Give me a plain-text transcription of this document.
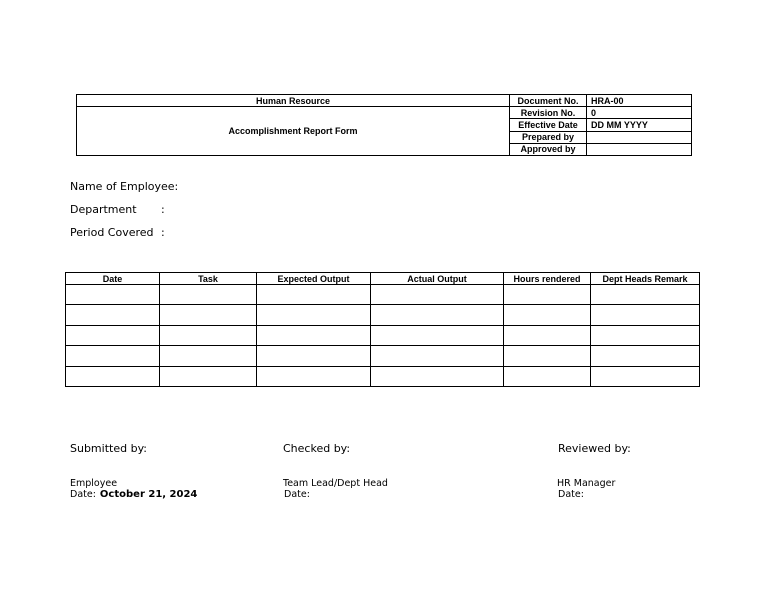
Human Resource	Document No.	HRA-00
Accomplishment Report Form	Revision No.	0
	Effective Date	DD MM YYYY
	Prepared by	
	Approved by	
Name of Employee:
Department :
Period Covered :
Date	Task	Expected Output	Actual Output	Hours rendered	Dept Heads Remark

Submitted by:
Employee
Date: October 21, 2024
Checked by:
Team Lead/Dept Head
Date:
Reviewed by:
HR Manager
Date:
